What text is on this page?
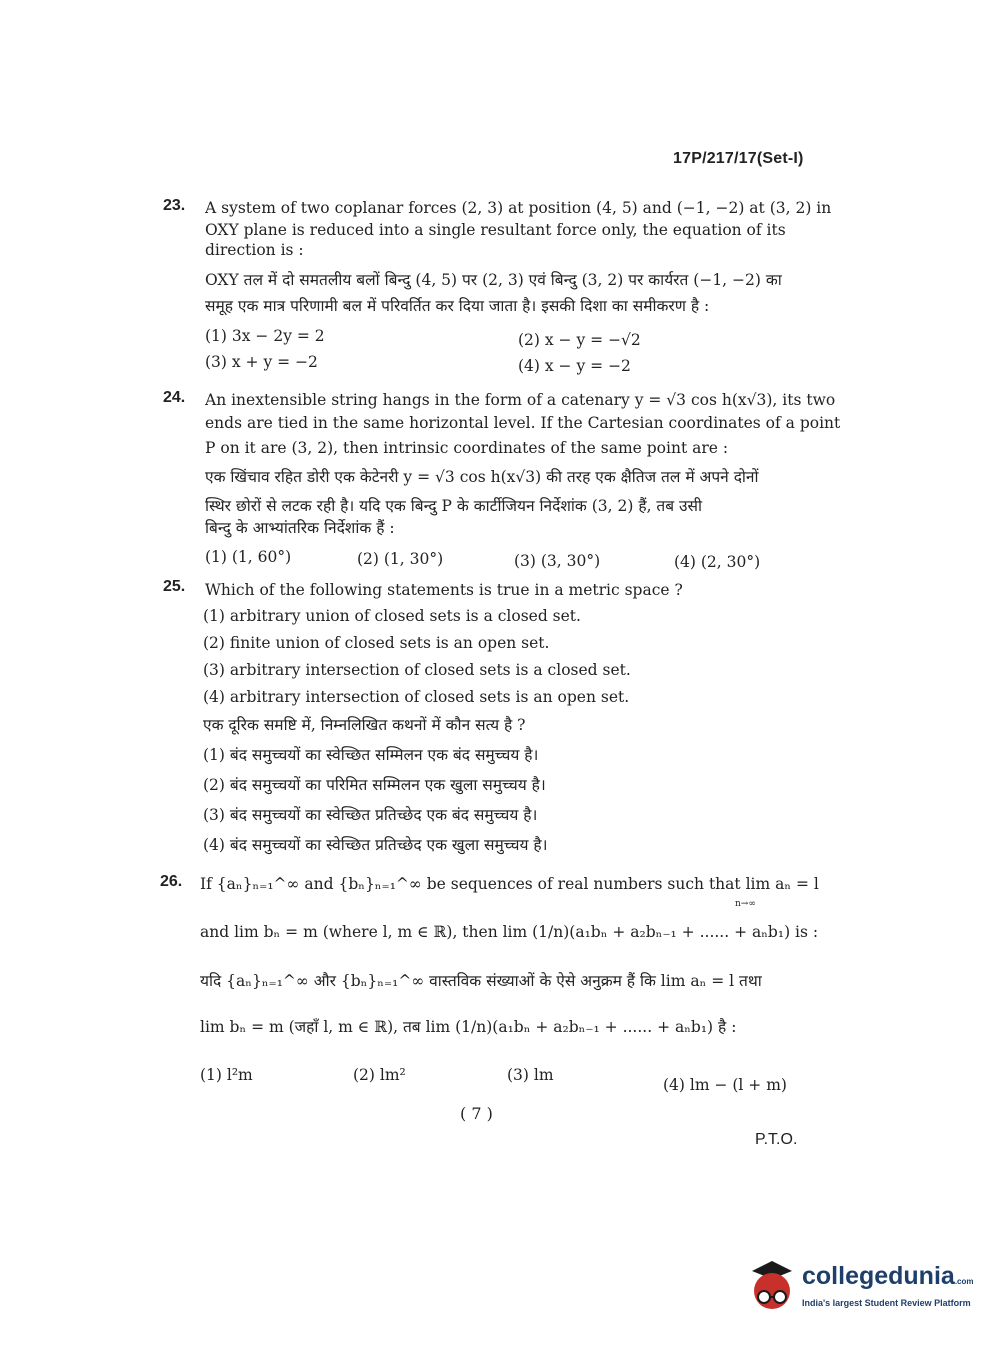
17P/217/17(Set-I)
23. A system of two coplanar forces (2, 3) at position (4, 5) and (−1, −2) at (3, 2) in
OXY plane is reduced into a single resultant force only, the equation of its
direction is :
OXY तल में दो समतलीय बलों बिन्दु (4, 5) पर (2, 3) एवं बिन्दु (3, 2) पर कार्यरत (−1, −2) का
समूह एक मात्र परिणामी बल में परिवर्तित कर दिया जाता है। इसकी दिशा का समीकरण है :
(1) 3x − 2y = 2	(2) x − y = −√2
(3) x + y = −2	(4) x − y = −2
24. An inextensible string hangs in the form of a catenary y = √3 cos h(x√3), its two
ends are tied in the same horizontal level. If the Cartesian coordinates of a point
P on it are (3, 2), then intrinsic coordinates of the same point are :
एक खिंचाव रहित डोरी एक केटेनरी y = √3 cos h(x√3) की तरह एक क्षैतिज तल में अपने दोनों
स्थिर छोरों से लटक रही है। यदि एक बिन्दु P के कार्टीजियन निर्देशांक (3, 2) हैं, तब उसी
बिन्दु के आभ्यांतरिक निर्देशांक हैं :
(1) (1, 60°)	(2) (1, 30°)	(3) (3, 30°)	(4) (2, 30°)
25. Which of the following statements is true in a metric space ?
(1) arbitrary union of closed sets is a closed set.
(2) finite union of closed sets is an open set.
(3) arbitrary intersection of closed sets is a closed set.
(4) arbitrary intersection of closed sets is an open set.
एक दूरिक समष्टि में, निम्नलिखित कथनों में कौन सत्य है ?
(1) बंद समुच्चयों का स्वेच्छित सम्मिलन एक बंद समुच्चय है।
(2) बंद समुच्चयों का परिमित सम्मिलन एक खुला समुच्चय है।
(3) बंद समुच्चयों का स्वेच्छित प्रतिच्छेद एक बंद समुच्चय है।
(4) बंद समुच्चयों का स्वेच्छित प्रतिच्छेद एक खुला समुच्चय है।
26. If {aₙ}ₙ₌₁^∞ and {bₙ}ₙ₌₁^∞ be sequences of real numbers such that lim aₙ = l
n→∞
and lim bₙ = m (where l, m ∈ ℝ), then lim (1/n)(a₁bₙ + a₂bₙ₋₁ + ...... + aₙb₁) is :
यदि {aₙ}ₙ₌₁^∞ और {bₙ}ₙ₌₁^∞ वास्तविक संख्याओं के ऐसे अनुक्रम हैं कि lim aₙ = l तथा
lim bₙ = m (जहाँ l, m ∈ ℝ), तब lim (1/n)(a₁bₙ + a₂bₙ₋₁ + ...... + aₙb₁) है :
(1) l²m	(2) lm²	(3) lm
(4) lm − (l + m)
( 7 )
P.T.O.
collegedunia.com
India's largest Student Review Platform
